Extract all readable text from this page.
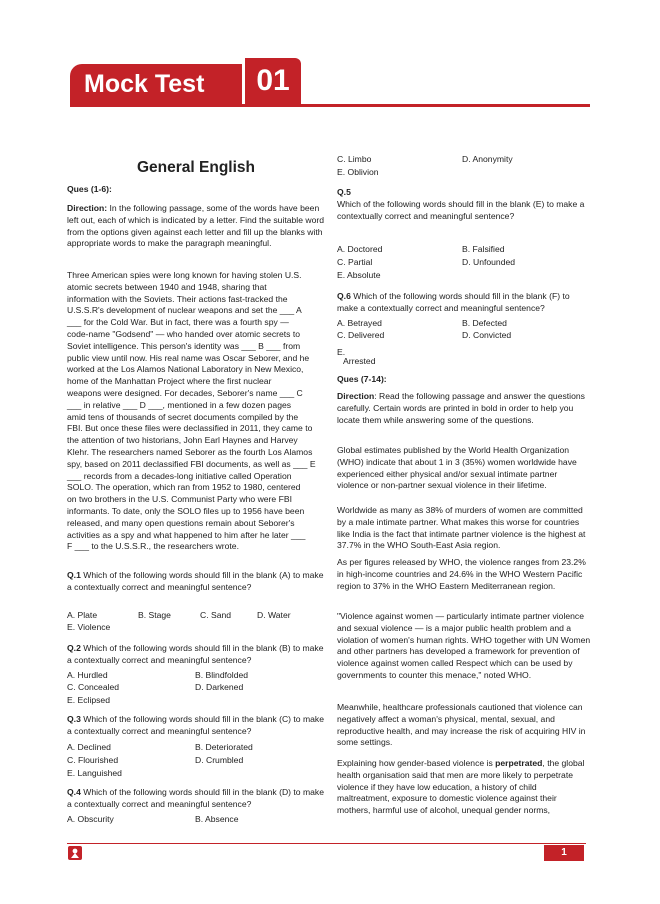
Mock Test	01
General English
Ques (1-6):
Direction: In the following passage, some of the words have been left out, each of which is indicated by a letter. Find the suitable word from the options given against each letter and fill up the blanks with appropriate words to make the paragraph meaningful.
Three American spies were long known for having stolen U.S.
atomic secrets between 1940 and 1948, sharing that
information with the Soviets. Their actions fast-tracked the
U.S.S.R's development of nuclear weapons and set the ___ A
___ for the Cold War. But in fact, there was a fourth spy —
code-name "Godsend" — who handed over atomic secrets to
Soviet intelligence. This person's identity was ___ B ___ from
public view until now. His real name was Oscar Seborer, and he
worked at the Los Alamos National Laboratory in New Mexico,
home of the Manhattan Project where the first nuclear
weapons were designed. For decades, Seborer's name ___ C
___ in relative ___ D ___, mentioned in a few dozen pages
amid tens of thousands of secret documents compiled by the
FBI. But once these files were declassified in 2011, they came to
the attention of two historians, John Earl Haynes and Harvey
Klehr. The researchers named Seborer as the fourth Los Alamos
spy, based on 2011 declassified FBI documents, as well as ___ E
___ records from a decades-long initiative called Operation
SOLO. The operation, which ran from 1952 to 1980, centered
on two brothers in the U.S. Communist Party who were FBI
informants. To date, only the SOLO files up to 1956 have been
released, and many open questions remain about Seborer's
activities as a spy and what happened to him after he later ___
F ___ to the U.S.S.R., the researchers wrote.
Q.1 Which of the following words should fill in the blank (A) to make a contextually correct and meaningful sentence?
A. Plate	B. Stage	C. Sand	D. Water
E. Violence
Q.2 Which of the following words should fill in the blank (B) to make a contextually correct and meaningful sentence?
A. Hurdled	B. Blindfolded
C. Concealed	D. Darkened
E. Eclipsed
Q.3 Which of the following words should fill in the blank (C) to make a contextually correct and meaningful sentence?
A. Declined	B. Deteriorated
C. Flourished	D. Crumbled
E. Languished
Q.4 Which of the following words should fill in the blank (D) to make a contextually correct and meaningful sentence?
A. Obscurity	B. Absence
C. Limbo	D. Anonymity
E. Oblivion
Q.5
Which of the following words should fill in the blank (E) to make a contextually correct and meaningful sentence?
A. Doctored	B. Falsified
C. Partial	D. Unfounded
E. Absolute
Q.6 Which of the following words should fill in the blank (F) to make a contextually correct and meaningful sentence?
A. Betrayed	B. Defected
C. Delivered	D. Convicted
E.
Arrested
Ques (7-14):
Direction: Read the following passage and answer the questions carefully. Certain words are printed in bold in order to help you locate them while answering some of the questions.
Global estimates published by the World Health Organization (WHO) indicate that about 1 in 3 (35%) women worldwide have experienced either physical and/or sexual intimate partner violence or non-partner sexual violence in their lifetime.
Worldwide as many as 38% of murders of women are committed by a male intimate partner. What makes this worse for countries like India is the fact that intimate partner violence is the highest at 37.7% in the WHO South-East Asia region.
As per figures released by WHO, the violence ranges from 23.2% in high-income countries and 24.6% in the WHO Western Pacific region to 37% in the WHO Eastern Mediterranean region.
"Violence against women — particularly intimate partner violence and sexual violence — is a major public health problem and a violation of women's human rights. WHO together with UN Women and other partners has developed a framework for prevention of violence against women called Respect which can be used by governments to counter this menace," noted WHO.
Meanwhile, healthcare professionals cautioned that violence can negatively affect a woman's physical, mental, sexual, and reproductive health, and may increase the risk of acquiring HIV in some settings.
Explaining how gender-based violence is perpetrated, the global health organisation said that men are more likely to perpetrate violence if they have low education, a history of child maltreatment, exposure to domestic violence against their mothers, harmful use of alcohol, unequal gender norms,
1
